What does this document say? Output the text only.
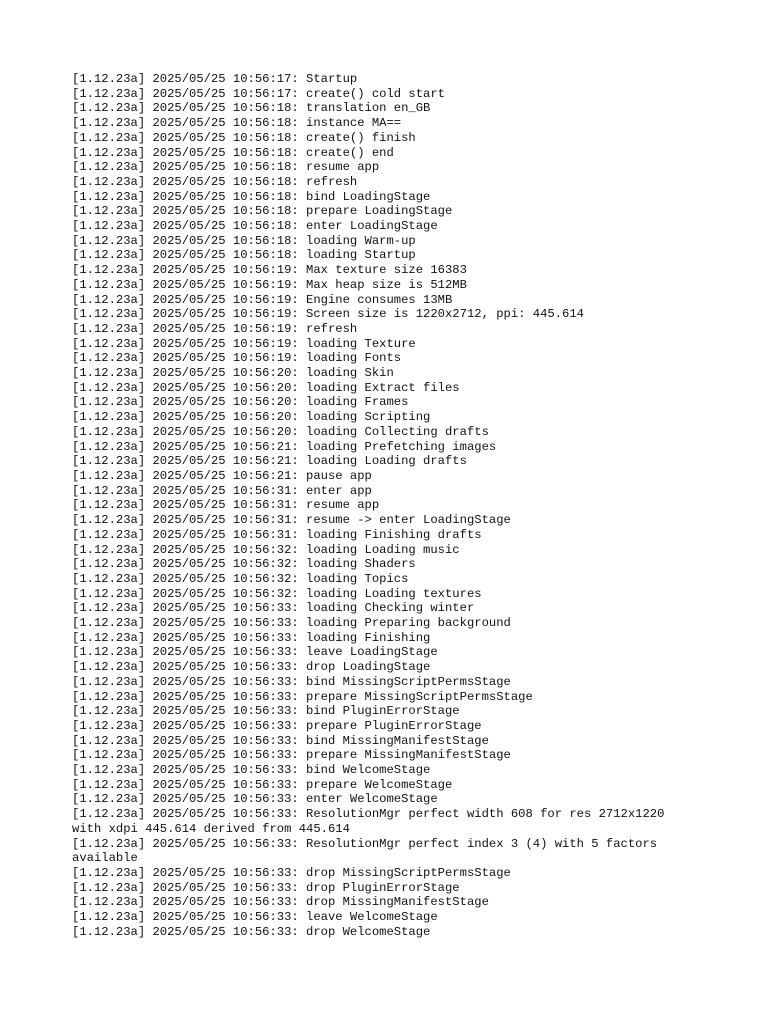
[1.12.23a] 2025/05/25 10:56:17: Startup
[1.12.23a] 2025/05/25 10:56:17: create() cold start
[1.12.23a] 2025/05/25 10:56:18: translation en_GB
[1.12.23a] 2025/05/25 10:56:18: instance MA==
[1.12.23a] 2025/05/25 10:56:18: create() finish
[1.12.23a] 2025/05/25 10:56:18: create() end
[1.12.23a] 2025/05/25 10:56:18: resume app
[1.12.23a] 2025/05/25 10:56:18: refresh
[1.12.23a] 2025/05/25 10:56:18: bind LoadingStage
[1.12.23a] 2025/05/25 10:56:18: prepare LoadingStage
[1.12.23a] 2025/05/25 10:56:18: enter LoadingStage
[1.12.23a] 2025/05/25 10:56:18: loading Warm-up
[1.12.23a] 2025/05/25 10:56:18: loading Startup
[1.12.23a] 2025/05/25 10:56:19: Max texture size 16383
[1.12.23a] 2025/05/25 10:56:19: Max heap size is 512MB
[1.12.23a] 2025/05/25 10:56:19: Engine consumes 13MB
[1.12.23a] 2025/05/25 10:56:19: Screen size is 1220x2712, ppi: 445.614
[1.12.23a] 2025/05/25 10:56:19: refresh
[1.12.23a] 2025/05/25 10:56:19: loading Texture
[1.12.23a] 2025/05/25 10:56:19: loading Fonts
[1.12.23a] 2025/05/25 10:56:20: loading Skin
[1.12.23a] 2025/05/25 10:56:20: loading Extract files
[1.12.23a] 2025/05/25 10:56:20: loading Frames
[1.12.23a] 2025/05/25 10:56:20: loading Scripting
[1.12.23a] 2025/05/25 10:56:20: loading Collecting drafts
[1.12.23a] 2025/05/25 10:56:21: loading Prefetching images
[1.12.23a] 2025/05/25 10:56:21: loading Loading drafts
[1.12.23a] 2025/05/25 10:56:21: pause app
[1.12.23a] 2025/05/25 10:56:31: enter app
[1.12.23a] 2025/05/25 10:56:31: resume app
[1.12.23a] 2025/05/25 10:56:31: resume -> enter LoadingStage
[1.12.23a] 2025/05/25 10:56:31: loading Finishing drafts
[1.12.23a] 2025/05/25 10:56:32: loading Loading music
[1.12.23a] 2025/05/25 10:56:32: loading Shaders
[1.12.23a] 2025/05/25 10:56:32: loading Topics
[1.12.23a] 2025/05/25 10:56:32: loading Loading textures
[1.12.23a] 2025/05/25 10:56:33: loading Checking winter
[1.12.23a] 2025/05/25 10:56:33: loading Preparing background
[1.12.23a] 2025/05/25 10:56:33: loading Finishing
[1.12.23a] 2025/05/25 10:56:33: leave LoadingStage
[1.12.23a] 2025/05/25 10:56:33: drop LoadingStage
[1.12.23a] 2025/05/25 10:56:33: bind MissingScriptPermsStage
[1.12.23a] 2025/05/25 10:56:33: prepare MissingScriptPermsStage
[1.12.23a] 2025/05/25 10:56:33: bind PluginErrorStage
[1.12.23a] 2025/05/25 10:56:33: prepare PluginErrorStage
[1.12.23a] 2025/05/25 10:56:33: bind MissingManifestStage
[1.12.23a] 2025/05/25 10:56:33: prepare MissingManifestStage
[1.12.23a] 2025/05/25 10:56:33: bind WelcomeStage
[1.12.23a] 2025/05/25 10:56:33: prepare WelcomeStage
[1.12.23a] 2025/05/25 10:56:33: enter WelcomeStage
[1.12.23a] 2025/05/25 10:56:33: ResolutionMgr perfect width 608 for res 2712x1220 with xdpi 445.614 derived from 445.614
[1.12.23a] 2025/05/25 10:56:33: ResolutionMgr perfect index 3 (4) with 5 factors available
[1.12.23a] 2025/05/25 10:56:33: drop MissingScriptPermsStage
[1.12.23a] 2025/05/25 10:56:33: drop PluginErrorStage
[1.12.23a] 2025/05/25 10:56:33: drop MissingManifestStage
[1.12.23a] 2025/05/25 10:56:33: leave WelcomeStage
[1.12.23a] 2025/05/25 10:56:33: drop WelcomeStage
